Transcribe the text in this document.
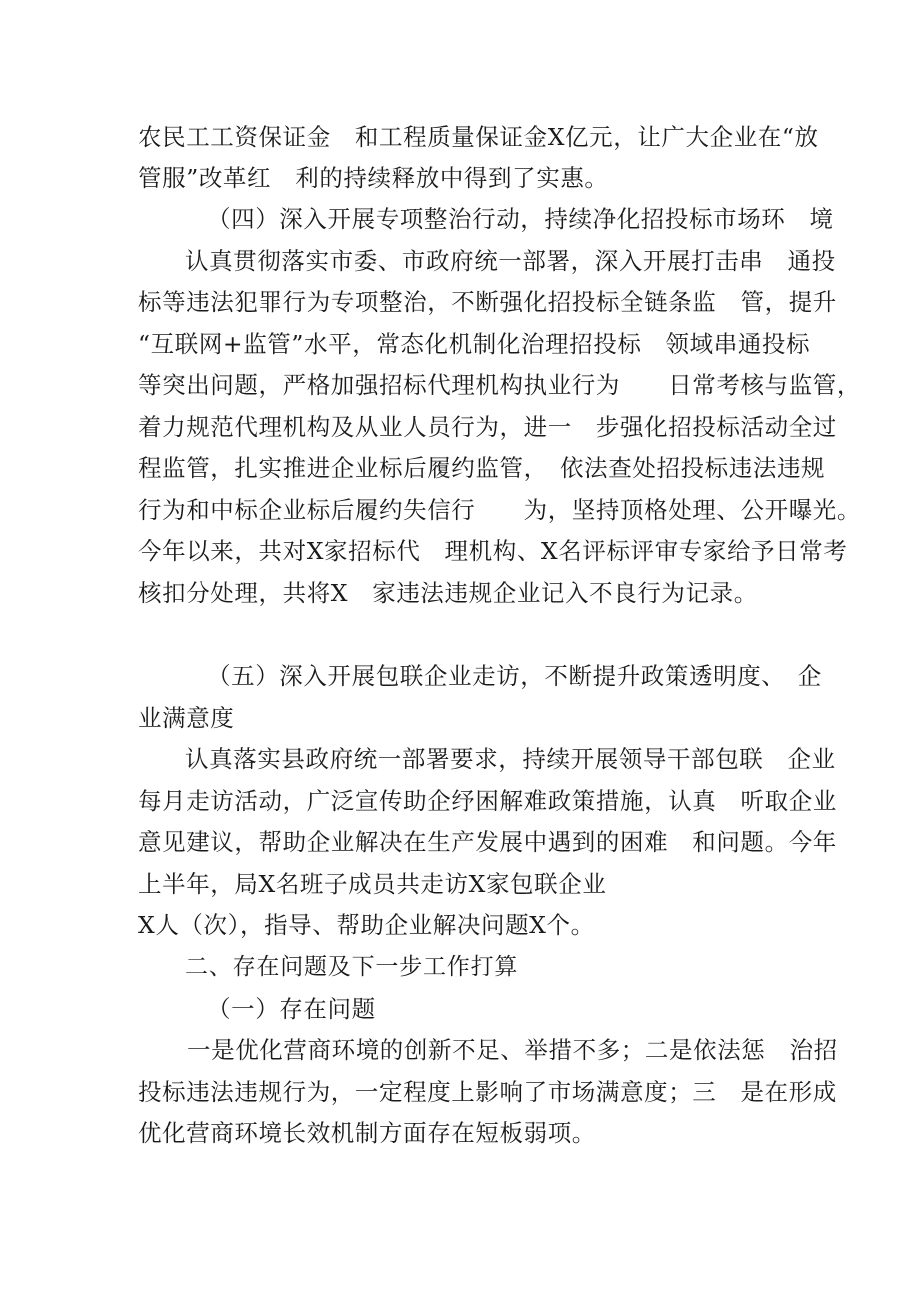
农民工工资保证金　和工程质量保证金X亿元，让广大企业在“放

管服”改革红　利的持续释放中得到了实惠。

（四）深入开展专项整治行动，持续净化招投标市场环　境

认真贯彻落实市委、市政府统一部署，深入开展打击串　通投

标等违法犯罪行为专项整治，不断强化招投标全链条监　管，提升

“互联网+监管”水平，常态化机制化治理招投标　领域串通投标

等突出问题，严格加强招标代理机构执业行为　　日常考核与监管，

着力规范代理机构及从业人员行为，进一　步强化招投标活动全过

程监管，扎实推进企业标后履约监管，　依法查处招投标违法违规

行为和中标企业标后履约失信行　　为，坚持顶格处理、公开曝光。

今年以来，共对X家招标代　理机构、X名评标评审专家给予日常考

核扣分处理，共将X　家违法违规企业记入不良行为记录。

（五）深入开展包联企业走访，不断提升政策透明度、　企

业满意度

认真落实县政府统一部署要求，持续开展领导干部包联　企业

每月走访活动，广泛宣传助企纾困解难政策措施，认真　听取企业

意见建议，帮助企业解决在生产发展中遇到的困难　和问题。今年

上半年，局X名班子成员共走访X家包联企业

X人（次），指导、帮助企业解决问题X个。

二、存在问题及下一步工作打算

（一）存在问题

一是优化营商环境的创新不足、举措不多；二是依法惩　治招

投标违法违规行为，一定程度上影响了市场满意度；三　是在形成

优化营商环境长效机制方面存在短板弱项。
